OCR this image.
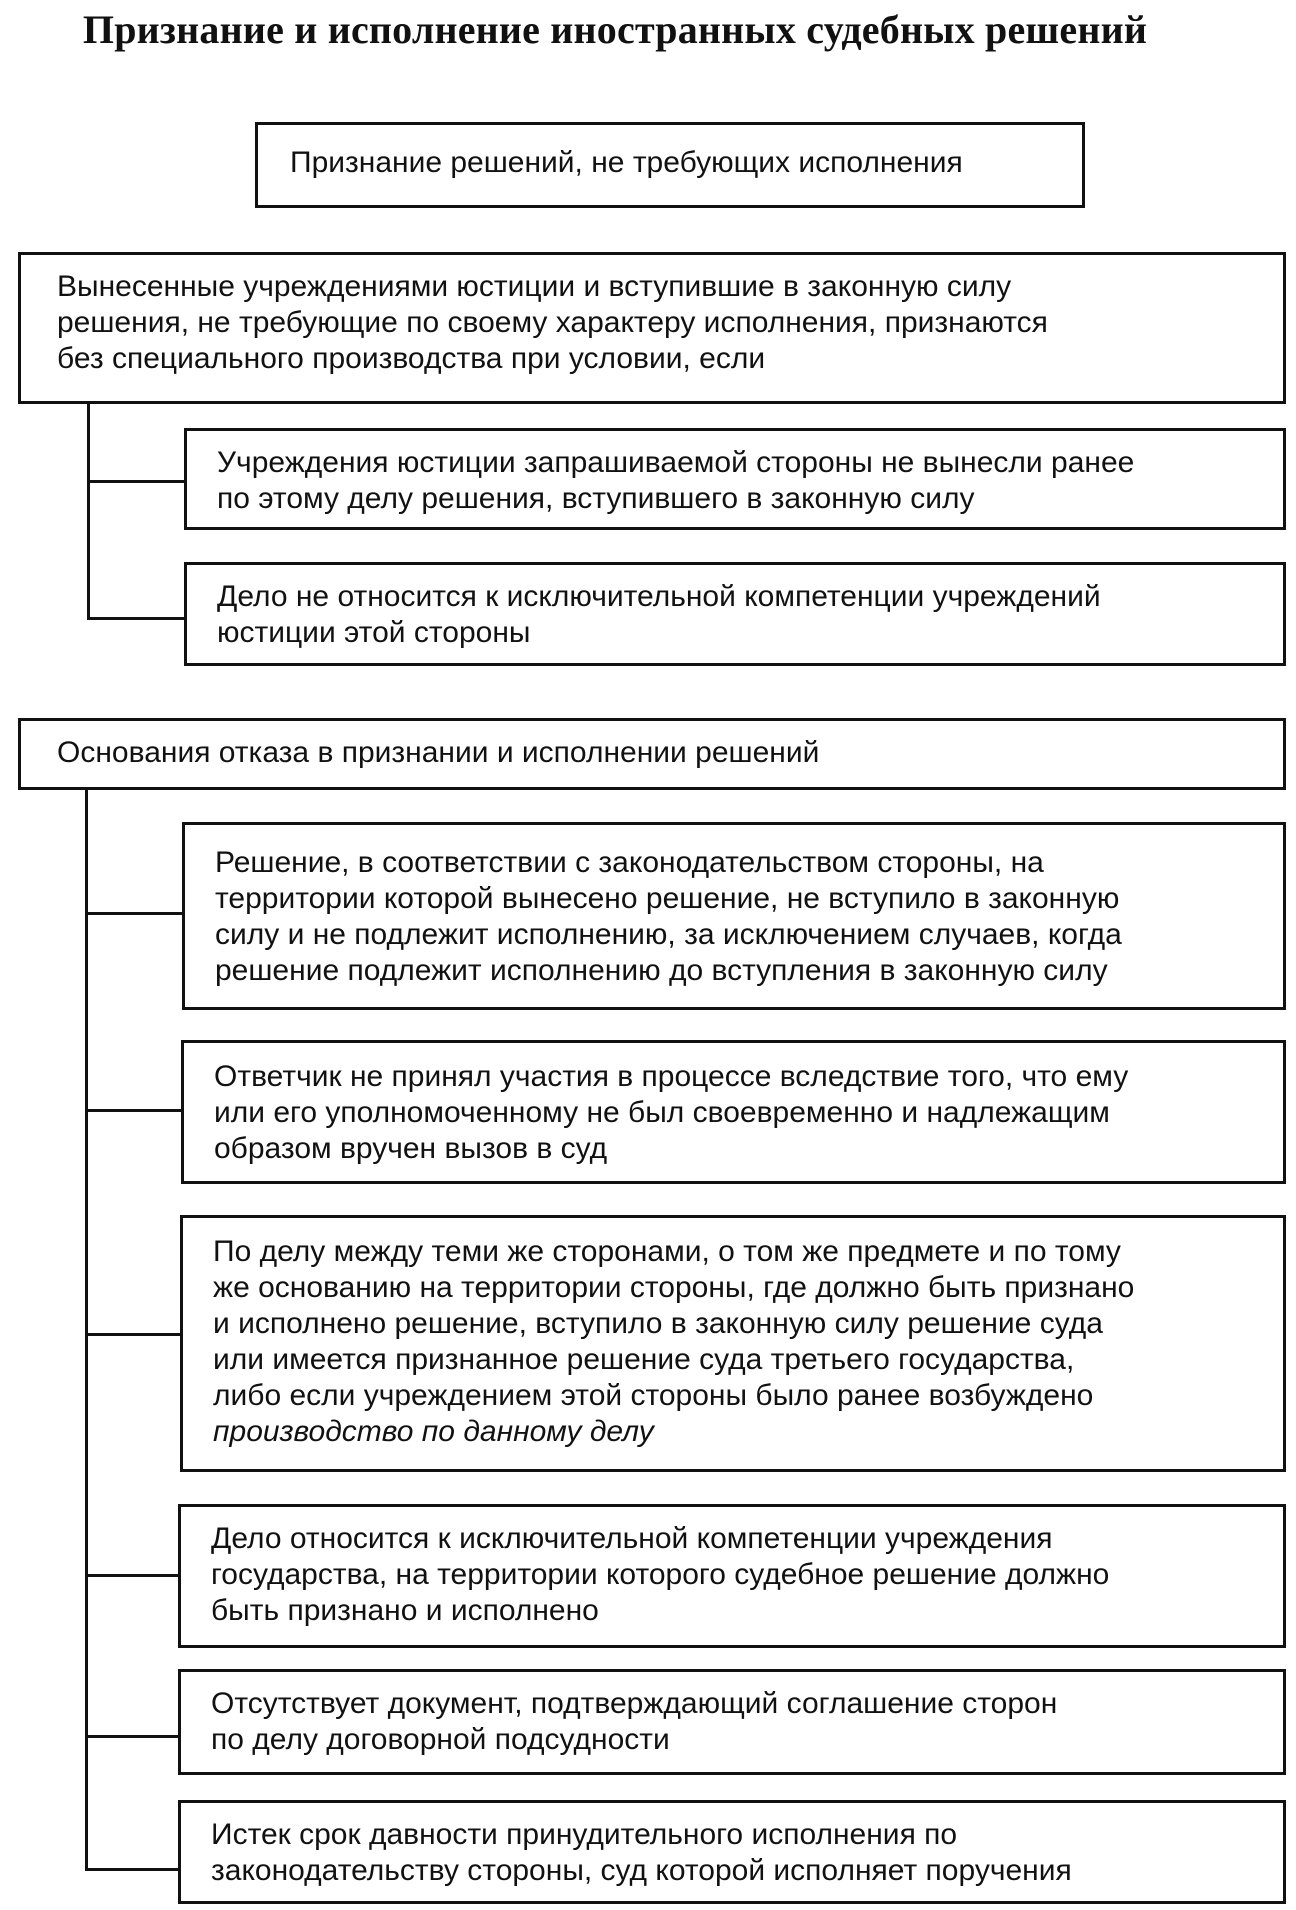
Признание и исполнение иностранных судебных решений
Признание решений, не требующих исполнения
Вынесенные учреждениями юстиции и вступившие в законную силу
решения, не требующие по своему характеру исполнения, признаются
без специального производства при условии, если
Учреждения юстиции запрашиваемой стороны не вынесли ранее
по этому делу решения, вступившего в законную силу
Дело не относится к исключительной компетенции учреждений
юстиции этой стороны
Основания отказа в признании и исполнении решений
Решение, в соответствии с законодательством стороны, на
территории которой вынесено решение, не вступило в законную
силу и не подлежит исполнению, за исключением случаев, когда
решение подлежит исполнению до вступления в законную силу
Ответчик не принял участия в процессе вследствие того, что ему
или его уполномоченному не был своевременно и надлежащим
образом вручен вызов в суд
По делу между теми же сторонами, о том же предмете и по тому
же основанию на территории стороны, где должно быть признано
и исполнено решение, вступило в законную силу решение суда
или имеется признанное решение суда третьего государства,
либо если учреждением этой стороны было ранее возбуждено
производство по данному делу
Дело относится к исключительной компетенции учреждения
государства, на территории которого судебное решение должно
быть признано и исполнено
Отсутствует документ, подтверждающий соглашение сторон
по делу договорной подсудности
Истек срок давности принудительного исполнения по
законодательству стороны, суд которой исполняет поручения
